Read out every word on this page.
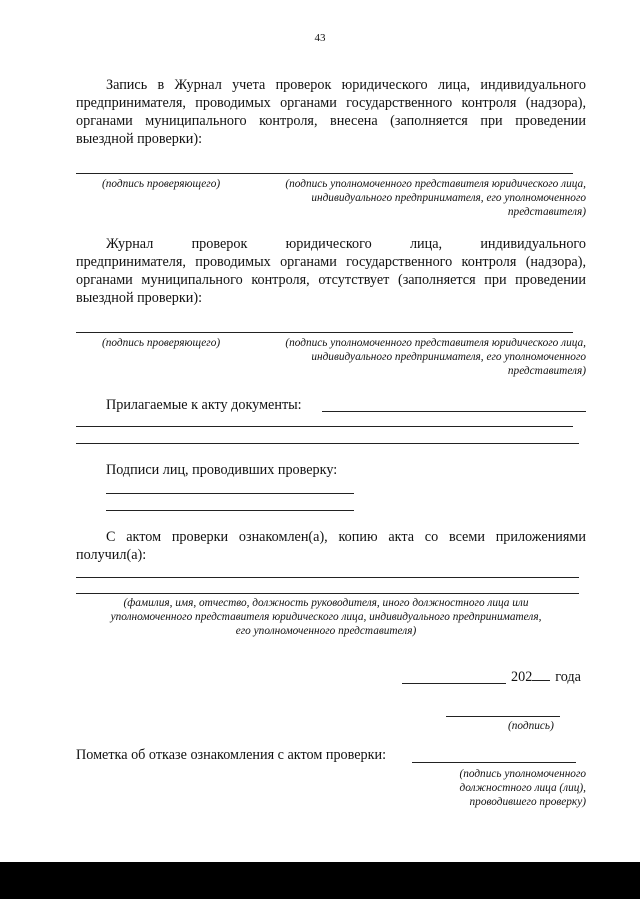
43

Запись в Журнал учета проверок юридического лица, индивидуального предпринимателя, проводимых органами государственного контроля (надзора), органами муниципального контроля, внесена (заполняется при проведении выездной проверки):

(подпись проверяющего)	(подпись уполномоченного представителя юридического лица, индивидуального предпринимателя, его уполномоченного представителя)
Журнал	проверок	юридического	лица,	индивидуального

предпринимателя, проводимых органами государственного контроля (надзора), органами муниципального контроля, отсутствует (заполняется при проведении выездной проверки):

(подпись проверяющего)	(подпись уполномоченного представителя юридического лица, индивидуального предпринимателя, его уполномоченного представителя)
Прилагаемые к акту документы:
Подписи лиц, проводивших проверку:

С актом проверки ознакомлен(а), копию акта со всеми приложениями получил(а):

(фамилия, имя, отчество, должность руководителя, иного должностного лица или уполномоченного представителя юридического лица, индивидуального предпринимателя, его уполномоченного представителя)
202 года
(подпись)
Пометка об отказе ознакомления с актом проверки:
(подпись уполномоченного должностного лица (лиц), проводившего проверку)
